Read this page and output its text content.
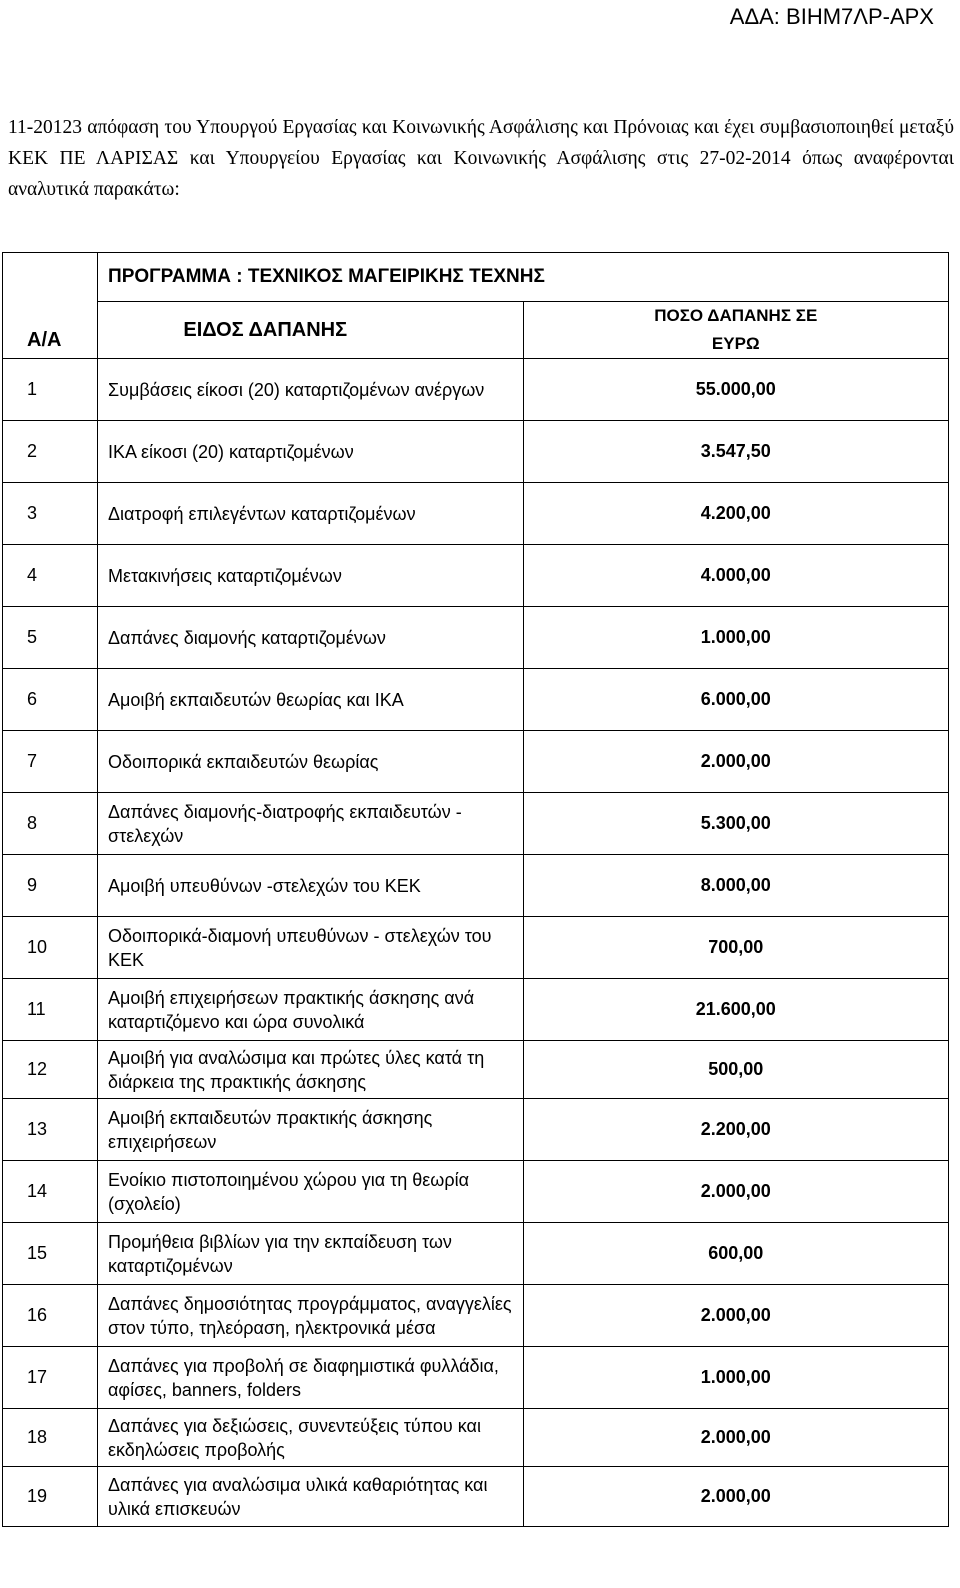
ΑΔΑ: ΒΙΗΜ7ΛΡ-ΑΡΧ
11-20123 απόφαση του Υπουργού Εργασίας και Κοινωνικής Ασφάλισης και Πρόνοιας και έχει συμβασιοποιηθεί μεταξύ ΚΕΚ ΠΕ ΛΑΡΙΣΑΣ και Υπουργείου Εργασίας και Κοινωνικής Ασφάλισης στις 27-02-2014 όπως αναφέρονται αναλυτικά παρακάτω:
Α/Α	ΠΡΟΓΡΑΜΜΑ : ΤΕΧΝΙΚΟΣ ΜΑΓΕΙΡΙΚΗΣ ΤΕΧΝΗΣ	
	ΕΙΔΟΣ ΔΑΠΑΝΗΣ	ΠΟΣΟ ΔΑΠΑΝΗΣ ΣΕ
ΕΥΡΩ
1	Συμβάσεις είκοσι (20) καταρτιζομένων ανέργων	55.000,00
2	ΙΚΑ είκοσι (20) καταρτιζομένων	3.547,50
3	Διατροφή επιλεγέντων καταρτιζομένων	4.200,00
4	Μετακινήσεις καταρτιζομένων	4.000,00
5	Δαπάνες διαμονής καταρτιζομένων	1.000,00
6	Αμοιβή εκπαιδευτών θεωρίας και ΙΚΑ	6.000,00
7	Οδοιπορικά εκπαιδευτών θεωρίας	2.000,00
8	Δαπάνες διαμονής-διατροφής εκπαιδευτών - στελεχών	5.300,00
9	Αμοιβή υπευθύνων -στελεχών του ΚΕΚ	8.000,00
10	Οδοιπορικά-διαμονή υπευθύνων - στελεχών του ΚΕΚ	700,00
11	Αμοιβή επιχειρήσεων πρακτικής άσκησης ανά καταρτιζόμενο και ώρα συνολικά	21.600,00
12	Αμοιβή για αναλώσιμα και πρώτες ύλες κατά τη διάρκεια της πρακτικής άσκησης	500,00
13	Αμοιβή εκπαιδευτών πρακτικής άσκησης επιχειρήσεων	2.200,00
14	Ενοίκιο πιστοποιημένου χώρου για τη θεωρία (σχολείο)	2.000,00
15	Προμήθεια βιβλίων για την εκπαίδευση των καταρτιζομένων	600,00
16	Δαπάνες δημοσιότητας προγράμματος, αναγγελίες στον τύπο, τηλεόραση, ηλεκτρονικά μέσα	2.000,00
17	Δαπάνες για προβολή σε διαφημιστικά φυλλάδια, αφίσες, banners, folders	1.000,00
18	Δαπάνες για δεξιώσεις, συνεντεύξεις τύπου και εκδηλώσεις προβολής	2.000,00
19	Δαπάνες για αναλώσιμα υλικά καθαριότητας και υλικά επισκευών	2.000,00
